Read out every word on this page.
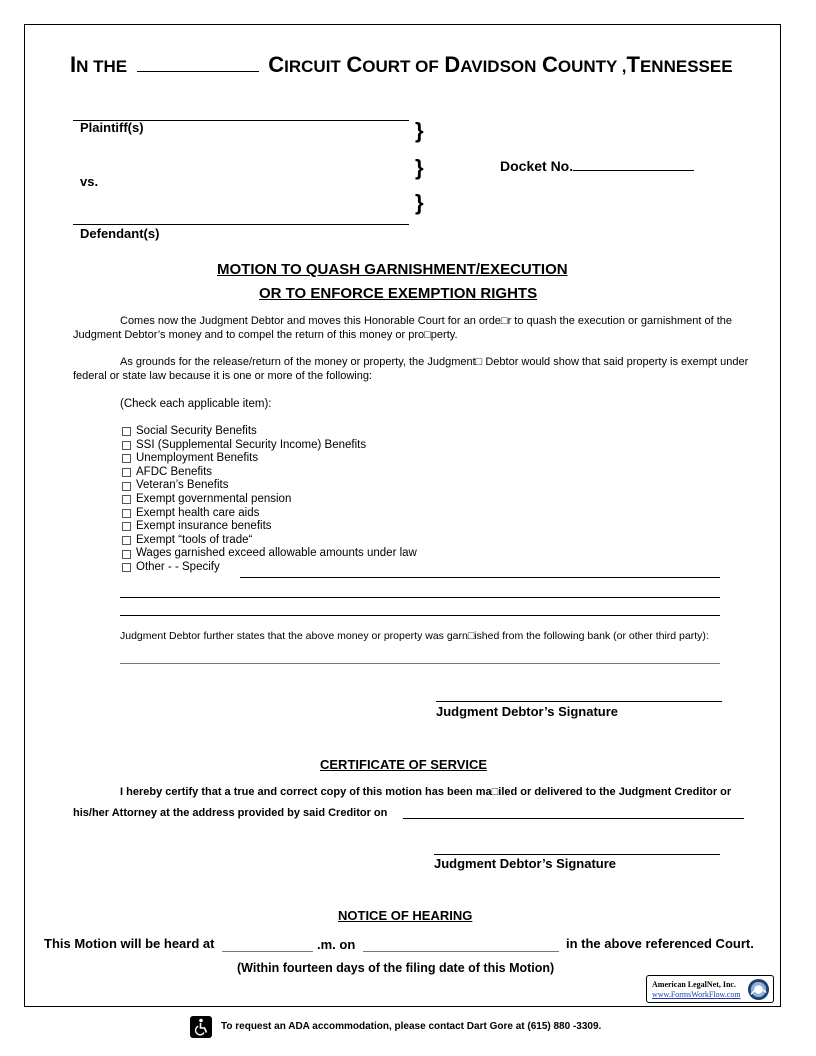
IN THE	CIRCUIT COURT OF DAVIDSON COUNTY ,TENNESSEE
Plaintiff(s)
vs.
Defendant(s)
}
}
}
Docket No.
MOTION TO QUASH GARNISHMENT/EXECUTION
OR TO ENFORCE EXEMPTION RIGHTS
Comes now the Judgment Debtor and moves this Honorable Court for an orde□r to quash the execution or garnishment of the Judgment Debtor’s money and to compel the return of this money or pro□perty.
As grounds for the release/return of the money or property, the Judgment□ Debtor would show that said property is exempt under federal or state law because it is one or more of the following:
(Check each applicable item):
Social Security Benefits
SSI (Supplemental Security Income) Benefits
Unemployment Benefits
AFDC Benefits
Veteran’s Benefits
Exempt governmental pension
Exempt health care aids
Exempt insurance benefits
Exempt “tools of trade“
Wages garnished exceed allowable amounts under law
Other - - Specify
Judgment Debtor further states that the above money or property was garn□ished from the following bank (or other third party):
Judgment Debtor’s Signature
CERTIFICATE OF SERVICE
I hereby certify that a true and correct copy of this motion has been ma□iled or delivered to the Judgment Creditor or
his/her Attorney at the address provided by said Creditor on
Judgment Debtor’s Signature
NOTICE OF HEARING
This Motion will be heard at	.m. on	in the above referenced Court.
(Within fourteen days of the filing date of this Motion)
American LegalNet, Inc.
www.FormsWorkFlow.com
To request an ADA accommodation, please contact Dart Gore at (615) 880 -3309.
